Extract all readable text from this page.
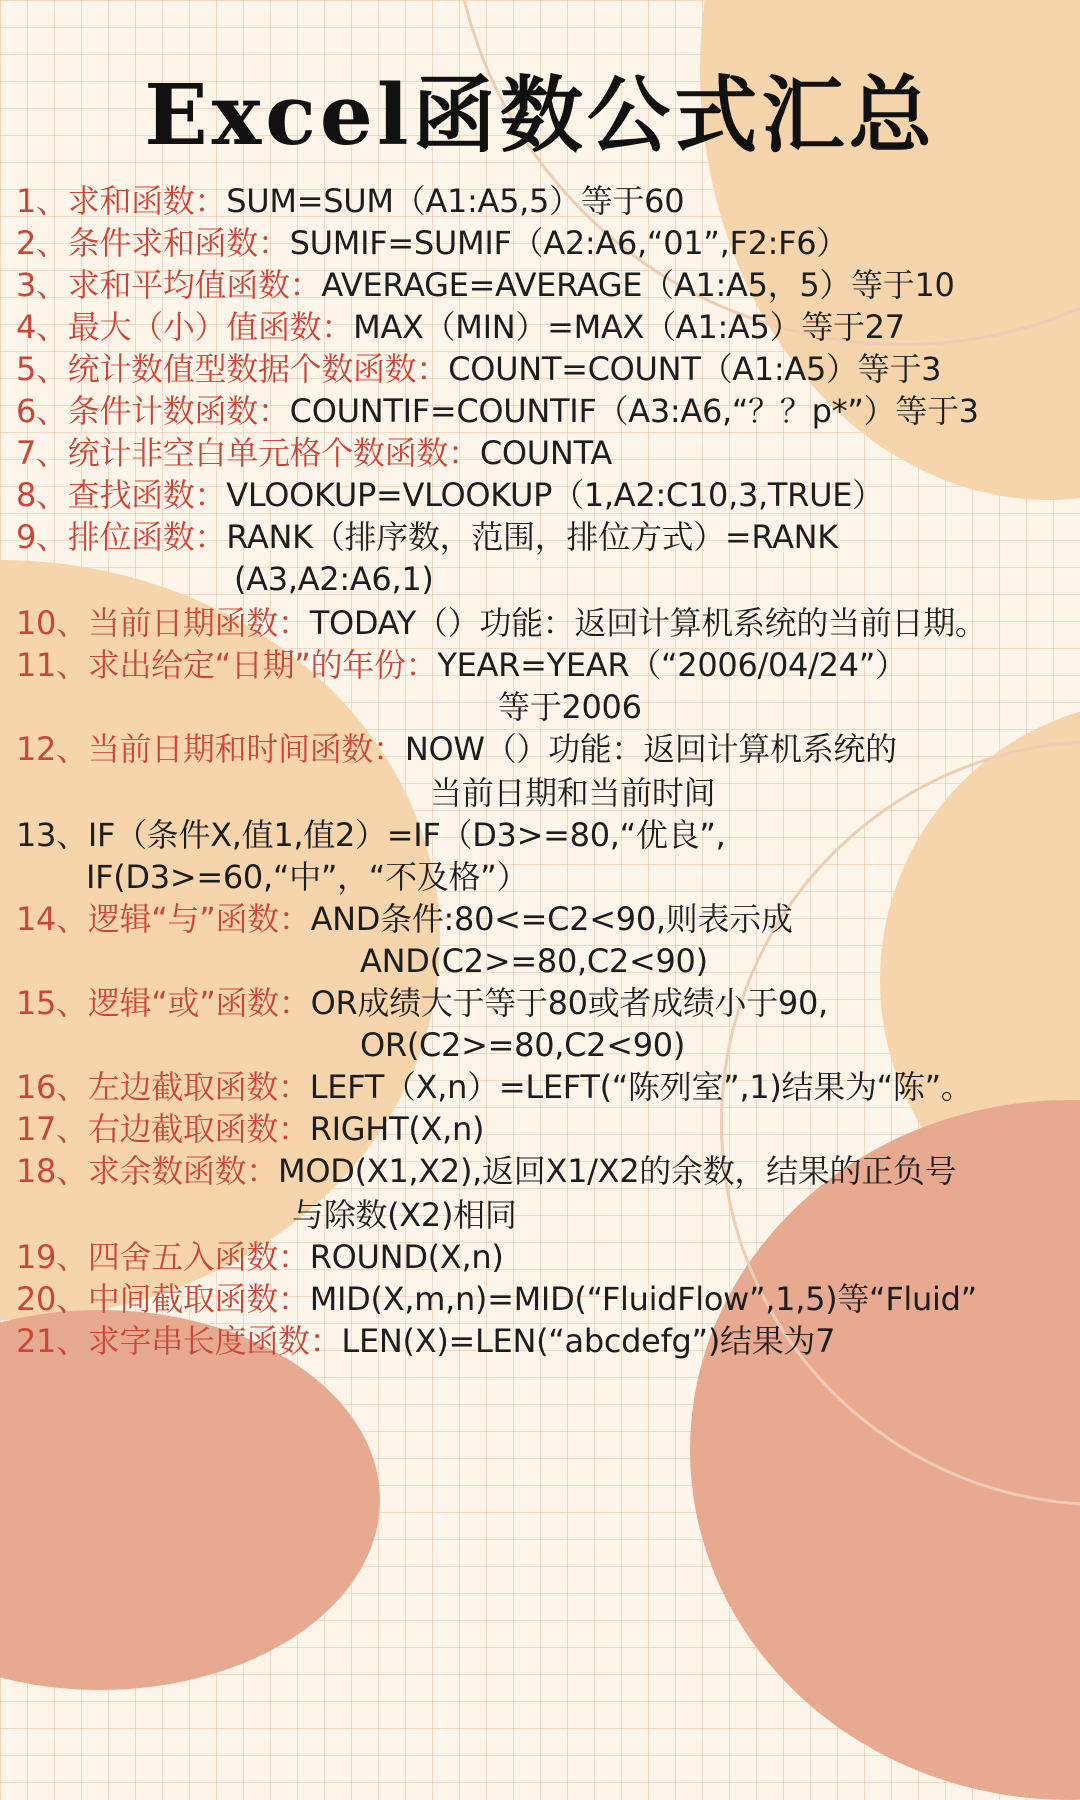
Excel函数公式汇总
1、求和函数：SUM=SUM（A1:A5,5）等于60
2、条件求和函数：SUMIF=SUMIF（A2:A6,“01”,F2:F6）
3、求和平均值函数：AVERAGE=AVERAGE（A1:A5，5）等于10
4、最大（小）值函数：MAX（MIN）=MAX（A1:A5）等于27
5、统计数值型数据个数函数：COUNT=COUNT（A1:A5）等于3
6、条件计数函数：COUNTIF=COUNTIF（A3:A6,“？？p*”）等于3
7、统计非空白单元格个数函数：COUNTA
8、查找函数：VLOOKUP=VLOOKUP（1,A2:C10,3,TRUE）
9、排位函数：RANK（排序数，范围，排位方式）=RANK
(A3,A2:A6,1)
10、当前日期函数：TODAY（）功能：返回计算机系统的当前日期。
11、求出给定“日期”的年份：YEAR=YEAR（“2006/04/24”）
等于2006
12、当前日期和时间函数：NOW（）功能：返回计算机系统的
当前日期和当前时间
13、IF（条件X,值1,值2）=IF（D3>=80,“优良”,
IF(D3>=60,“中”，“不及格”）
14、逻辑“与”函数：AND条件:80<=C2<90,则表示成
AND(C2>=80,C2<90)
15、逻辑“或”函数：OR成绩大于等于80或者成绩小于90,
OR(C2>=80,C2<90)
16、左边截取函数：LEFT（X,n）=LEFT(“陈列室”,1)结果为“陈”。
17、右边截取函数：RIGHT(X,n)
18、求余数函数：MOD(X1,X2),返回X1/X2的余数，结果的正负号
与除数(X2)相同
19、四舍五入函数：ROUND(X,n)
20、中间截取函数：MID(X,m,n)=MID(“FluidFlow”,1,5)等“Fluid”
21、求字串长度函数：LEN(X)=LEN(“abcdefg”)结果为7
